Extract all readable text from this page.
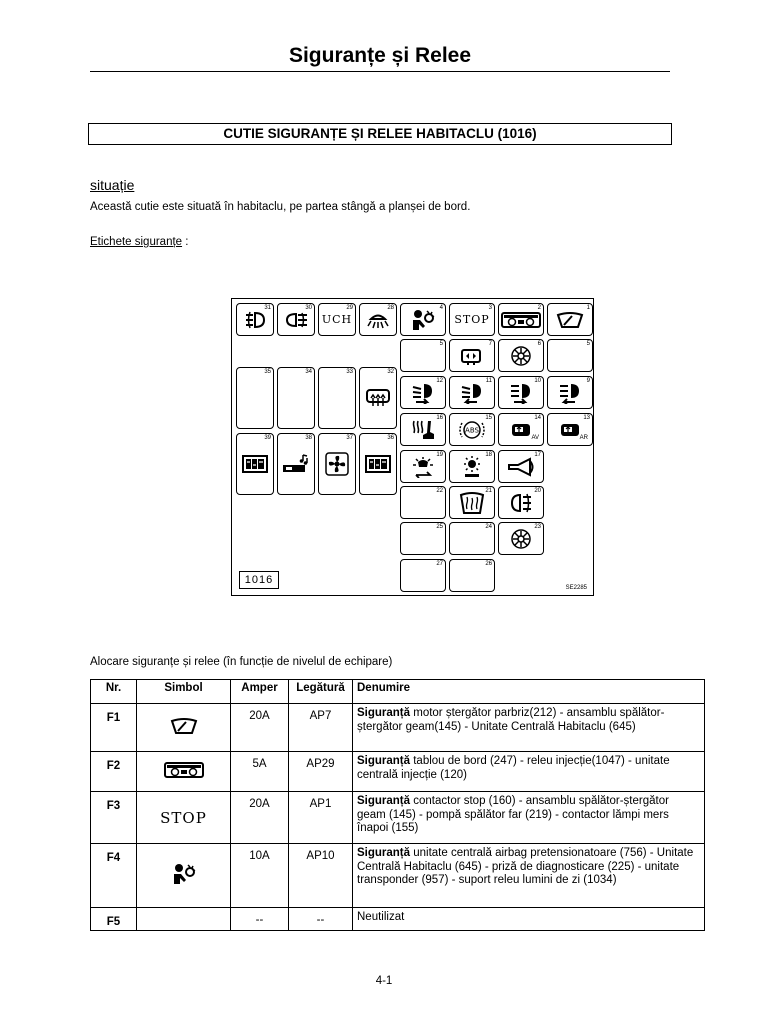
Siguranțe și Relee
CUTIE SIGURANȚE ȘI RELEE HABITACLU (1016)
situație
Această cutie este situată în habitaclu, pe partea stângă a planșei de bord.
Etichete siguranțe :
1016
SE2285
31	30	29
UCH
28	4	3
STOP
2	1
5	7	6	5
35	34	33	32
12	11	10	9
16	15
ABS
14
AV
13
AR
39	38	37	36
19	18	17
22	21	20
25	24	23
27	26
Alocare siguranțe și relee (în funcție de nivelul de echipare)
Nr.	Simbol	Amper	Legătură	Denumire
F1		20A	AP7	Siguranță motor ștergător parbriz(212) - ansamblu spălător-ștergător geam(145) - Unitate Centrală Habitaclu (645)
F2		5A	AP29	Siguranță tablou de bord (247) - releu injecție(1047) - unitate centrală injecție (120)
F3	STOP	20A	AP1	Siguranță contactor stop (160) - ansamblu spălător-ștergător geam (145) - pompă spălător far (219) - contactor lămpi mers înapoi (155)
F4		10A	AP10	Siguranță unitate centrală airbag pretensionatoare (756) - Unitate Centrală Habitaclu (645) - priză de diagnosticare (225) - unitate transponder (957) - suport releu lumini de zi (1034)
F5		--	--	Neutilizat
4-1
